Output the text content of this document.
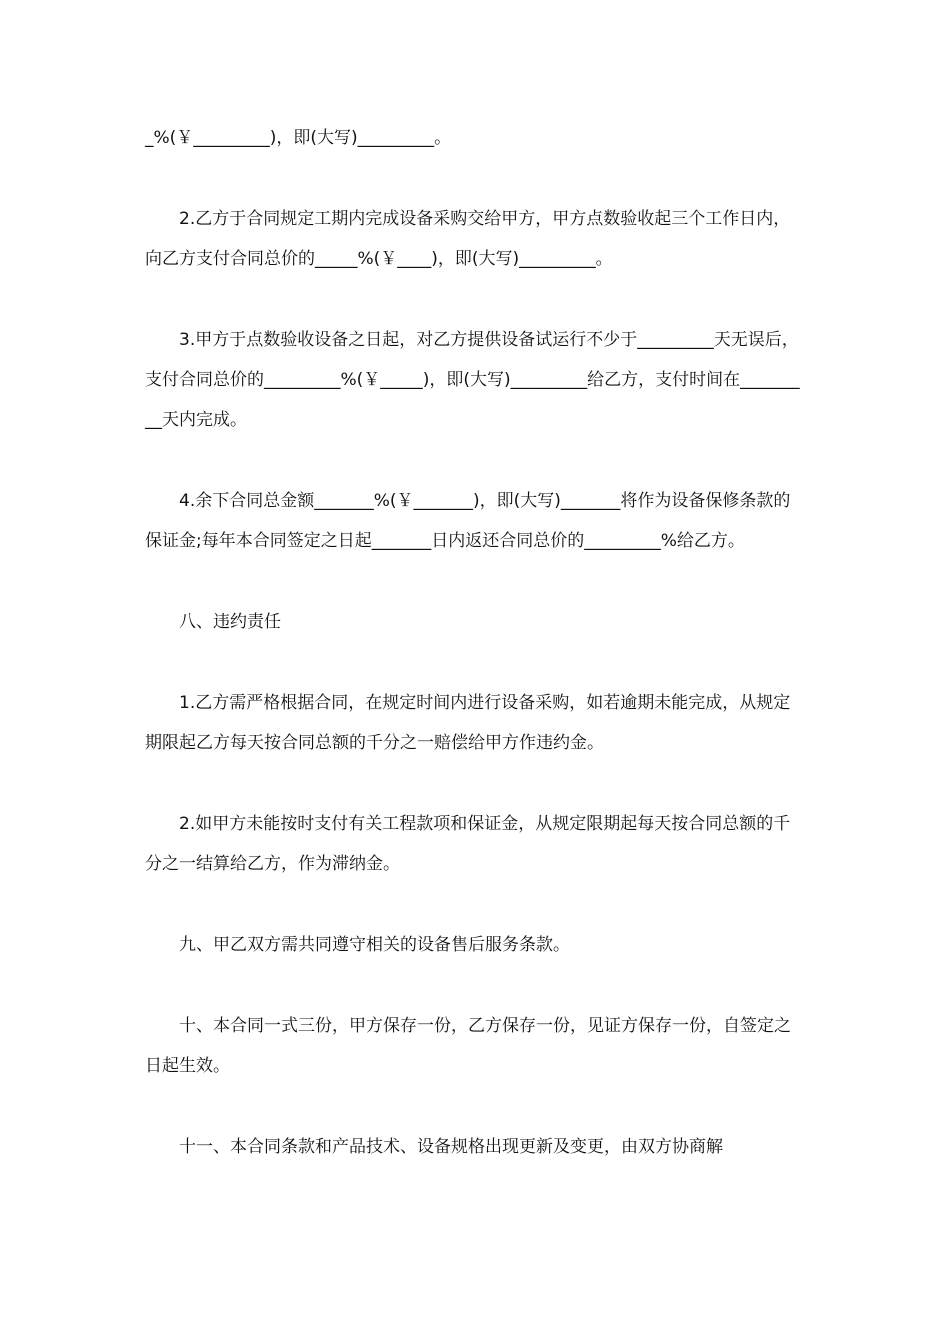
_%(￥_________)，即(大写)_________。

2.乙方于合同规定工期内完成设备采购交给甲方，甲方点数验收起三个工作日内，向乙方支付合同总价的_____%(￥____)，即(大写)_________。

3.甲方于点数验收设备之日起，对乙方提供设备试运行不少于_________天无误后，支付合同总价的_________%(￥_____)，即(大写)_________给乙方，支付时间在_________天内完成。

4.余下合同总金额_______%(￥_______)，即(大写)_______将作为设备保修条款的保证金;每年本合同签定之日起_______日内返还合同总价的_________%给乙方。

八、违约责任

1.乙方需严格根据合同，在规定时间内进行设备采购，如若逾期未能完成，从规定期限起乙方每天按合同总额的千分之一赔偿给甲方作违约金。

2.如甲方未能按时支付有关工程款项和保证金，从规定限期起每天按合同总额的千分之一结算给乙方，作为滞纳金。

九、甲乙双方需共同遵守相关的设备售后服务条款。

十、本合同一式三份，甲方保存一份，乙方保存一份，见证方保存一份，自签定之日起生效。

十一、本合同条款和产品技术、设备规格出现更新及变更，由双方协商解
